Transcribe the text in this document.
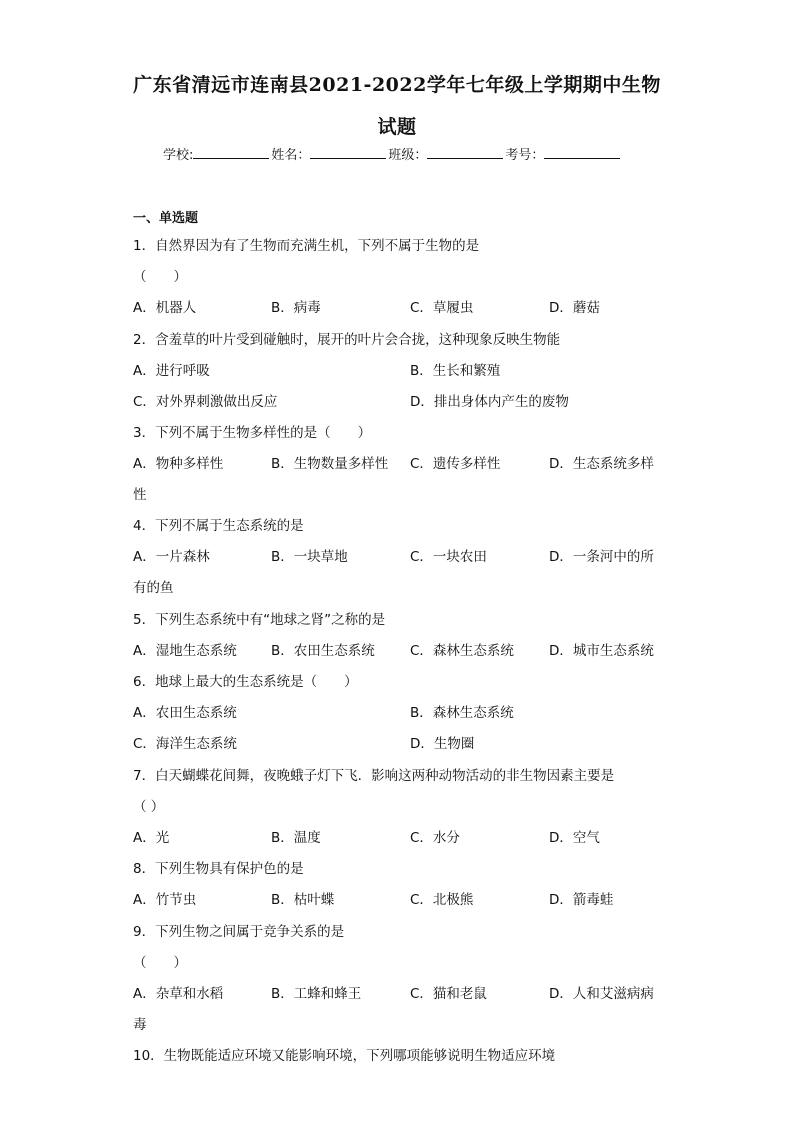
广东省清远市连南县2021-2022学年七年级上学期期中生物
试题
学校:	姓名：	班级：	考号：
一、单选题
1．自然界因为有了生物而充满生机，下列不属于生物的是
（　　）
A．机器人	B．病毒	C．草履虫	D．蘑菇
2．含羞草的叶片受到碰触时，展开的叶片会合拢，这种现象反映生物能
A．进行呼吸	B．生长和繁殖
C．对外界刺激做出反应	D．排出身体内产生的废物
3．下列不属于生物多样性的是（　　）
A．物种多样性	B．生物数量多样性 C．遗传多样性	D．生态系统多样
性
4．下列不属于生态系统的是
A．一片森林	B．一块草地	C．一块农田	D．一条河中的所
有的鱼
5．下列生态系统中有“地球之肾”之称的是
A．湿地生态系统	B．农田生态系统	C．森林生态系统	D．城市生态系统
6．地球上最大的生态系统是（　　）
A．农田生态系统	B．森林生态系统
C．海洋生态系统	D．生物圈
7．白天蝴蝶花间舞，夜晚蛾子灯下飞．影响这两种动物活动的非生物因素主要是
（ ）
A．光	B．温度	C．水分	D．空气
8．下列生物具有保护色的是
A．竹节虫	B．枯叶蝶	C．北极熊	D．箭毒蛙
9．下列生物之间属于竞争关系的是
（　　）
A．杂草和水稻	B．工蜂和蜂王	C．猫和老鼠	D．人和艾滋病病
毒
10．生物既能适应环境又能影响环境，下列哪项能够说明生物适应环境
